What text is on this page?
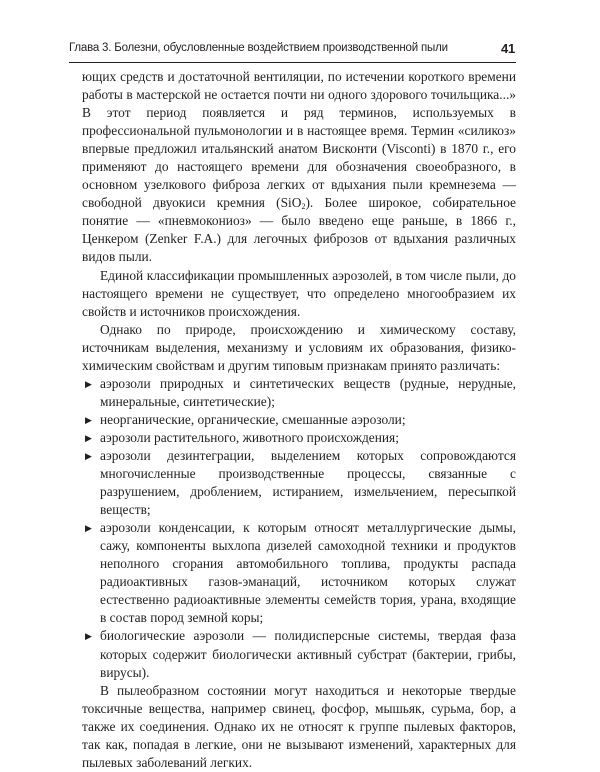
Глава 3. Болезни, обусловленные воздействием производственной пыли	41

ющих средств и достаточной вентиляции, по истечении короткого времени работы в мастерской не остается почти ни одного здорового точильщика...» В этот период появляется и ряд терминов, используемых в профессиональной пульмонологии и в настоящее время. Термин «силикоз» впервые предложил итальянский анатом Висконти (Visconti) в 1870 г., его применяют до настоящего времени для обозначения своеобразного, в основном узелкового фиброза легких от вдыхания пыли кремнезема — свободной двуокиси кремния (SiO$_2$). Более широкое, собирательное понятие — «пневмокониоз» — было введено еще раньше, в 1866 г., Ценкером (Zenker F.A.) для легочных фиброзов от вдыхания различных видов пыли.

Единой классификации промышленных аэрозолей, в том числе пыли, до настоящего времени не существует, что определено многообразием их свойств и источников происхождения.

Однако по природе, происхождению и химическому составу, источникам выделения, механизму и условиям их образования, физико-химическим свойствам и другим типовым признакам принято различать:

▶ аэрозоли природных и синтетических веществ (рудные, нерудные, минеральные, синтетические);
▶ неорганические, органические, смешанные аэрозоли;
▶ аэрозоли растительного, животного происхождения;
▶ аэрозоли дезинтеграции, выделением которых сопровождаются многочисленные производственные процессы, связанные с разрушением, дроблением, истиранием, измельчением, пересыпкой веществ;
▶ аэрозоли конденсации, к которым относят металлургические дымы, сажу, компоненты выхлопа дизелей самоходной техники и продуктов неполного сгорания автомобильного топлива, продукты распада радиоактивных газов-эманаций, источником которых служат естественно радиоактивные элементы семейств тория, урана, входящие в состав пород земной коры;
▶ биологические аэрозоли — полидисперсные системы, твердая фаза которых содержит биологически активный субстрат (бактерии, грибы, вирусы).

В пылеобразном состоянии могут находиться и некоторые твердые токсичные вещества, например свинец, фосфор, мышьяк, сурьма, бор, а также их соединения. Однако их не относят к группе пылевых факторов, так как, попадая в легкие, они не вызывают изменений, характерных для пылевых заболеваний легких.
